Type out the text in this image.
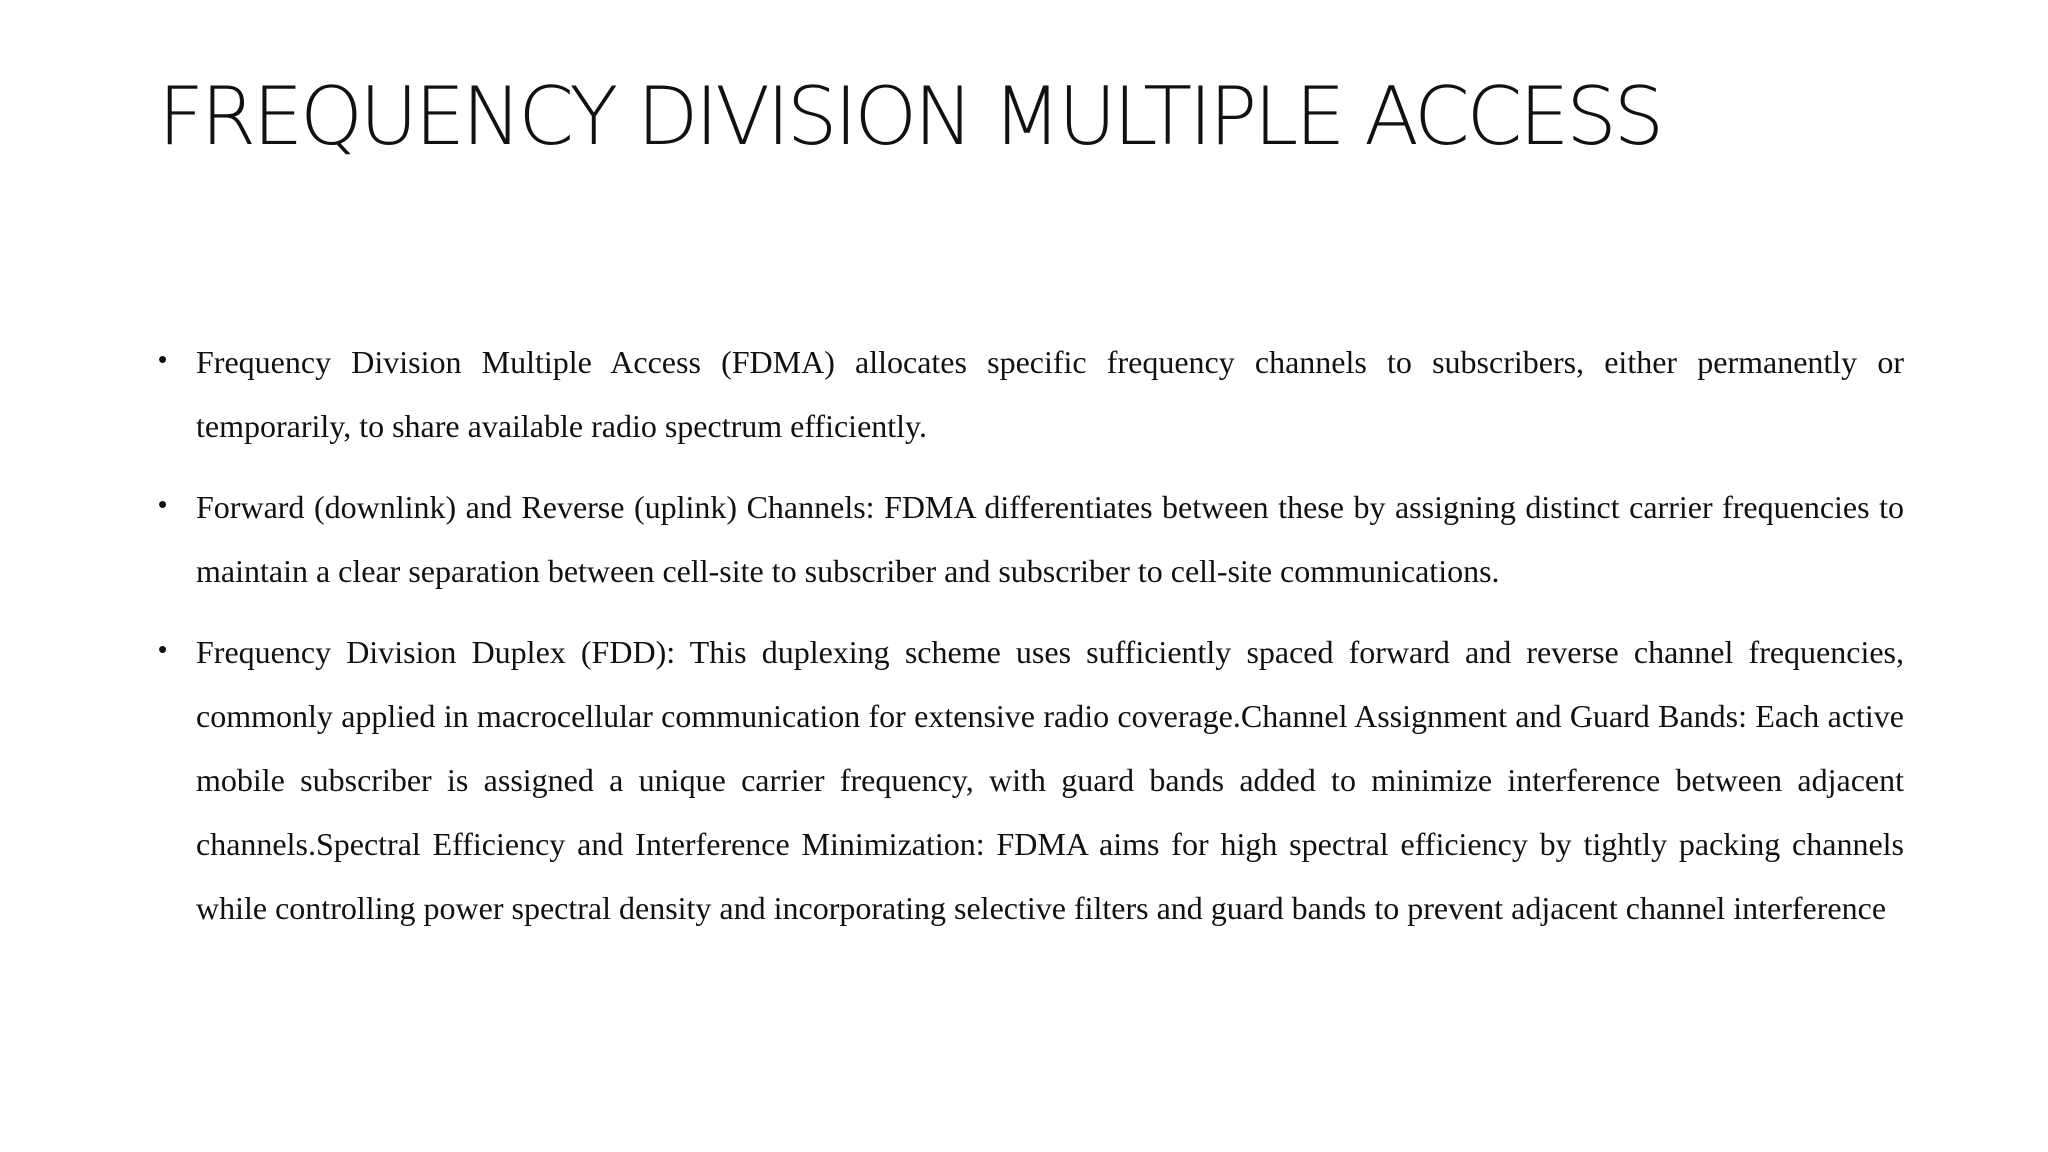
FREQUENCY DIVISION MULTIPLE ACCESS
• Frequency Division Multiple Access (FDMA) allocates specific frequency channels to subscribers, either permanently or temporarily, to share available radio spectrum efficiently.
• Forward (downlink) and Reverse (uplink) Channels: FDMA differentiates between these by assigning distinct carrier frequencies to maintain a clear separation between cell-site to subscriber and subscriber to cell-site communications.
• Frequency Division Duplex (FDD): This duplexing scheme uses sufficiently spaced forward and reverse channel frequencies, commonly applied in macrocellular communication for extensive radio coverage.Channel Assignment and Guard Bands: Each active mobile subscriber is assigned a unique carrier frequency, with guard bands added to minimize interference between adjacent channels.Spectral Efficiency and Interference Minimization: FDMA aims for high spectral efficiency by tightly packing channels while controlling power spectral density and incorporating selective filters and guard bands to prevent adjacent channel interference
